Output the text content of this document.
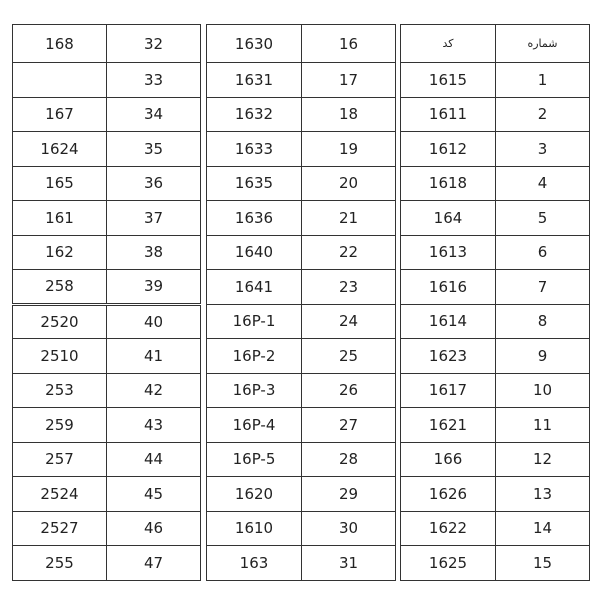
168	32
	33
167	34
1624	35
165	36
161	37
162	38
258	39
2520	40
2510	41
253	42
259	43
257	44
2524	45
2527	46
255	47
1630	16
1631	17
1632	18
1633	19
1635	20
1636	21
1640	22
1641	23
16P-1	24
16P-2	25
16P-3	26
16P-4	27
16P-5	28
1620	29
1610	30
163	31
کد	شماره
1615	1
1611	2
1612	3
1618	4
164	5
1613	6
1616	7
1614	8
1623	9
1617	10
1621	11
166	12
1626	13
1622	14
1625	15
